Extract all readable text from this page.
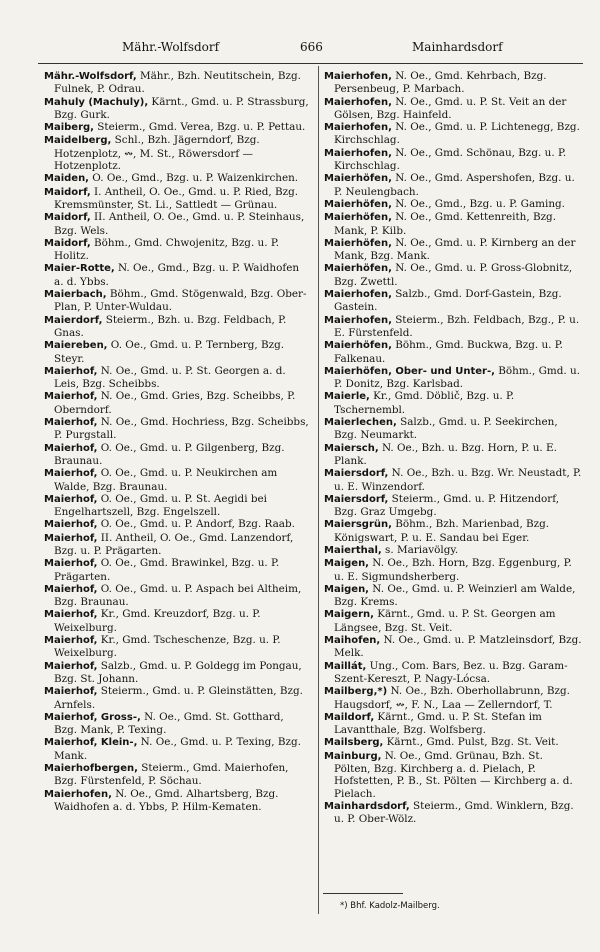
Mähr.-Wolfsdorf	666	Mainhardsdorf

Mähr.-Wolfsdorf, Mähr., Bzh. Neutitschein, Bzg. Fulnek, P. Odrau.

Mahuly (Machuly), Kärnt., Gmd. u. P. Strassburg, Bzg. Gurk.

Maiberg, Steierm., Gmd. Verea, Bzg. u. P. Pettau.

Maidelberg, Schl., Bzh. Jägerndorf, Bzg. Hotzenplotz, ↭, M. St., Röwersdorf — Hotzenplotz.

Maiden, O. Oe., Gmd., Bzg. u. P. Waizenkirchen.

Maidorf, I. Antheil, O. Oe., Gmd. u. P. Ried, Bzg. Kremsmünster, St. Li., Sattledt — Grünau.

Maidorf, II. Antheil, O. Oe., Gmd. u. P. Steinhaus, Bzg. Wels.

Maidorf, Böhm., Gmd. Chwojenitz, Bzg. u. P. Holitz.

Maier-Rotte, N. Oe., Gmd., Bzg. u. P. Waidhofen a. d. Ybbs.

Maierbach, Böhm., Gmd. Stögenwald, Bzg. Ober-Plan, P. Unter-Wuldau.

Maierdorf, Steierm., Bzh. u. Bzg. Feldbach, P. Gnas.

Maiereben, O. Oe., Gmd. u. P. Ternberg, Bzg. Steyr.

Maierhof, N. Oe., Gmd. u. P. St. Georgen a. d. Leis, Bzg. Scheibbs.

Maierhof, N. Oe., Gmd. Gries, Bzg. Scheibbs, P. Oberndorf.

Maierhof, N. Oe., Gmd. Hochriess, Bzg. Scheibbs, P. Purgstall.

Maierhof, O. Oe., Gmd. u. P. Gilgenberg, Bzg. Braunau.

Maierhof, O. Oe., Gmd. u. P. Neukirchen am Walde, Bzg. Braunau.

Maierhof, O. Oe., Gmd. u. P. St. Aegidi bei Engelhartszell, Bzg. Engelszell.

Maierhof, O. Oe., Gmd. u. P. Andorf, Bzg. Raab.

Maierhof, II. Antheil, O. Oe., Gmd. Lanzendorf, Bzg. u. P. Prägarten.

Maierhof, O. Oe., Gmd. Brawinkel, Bzg. u. P. Prägarten.

Maierhof, O. Oe., Gmd. u. P. Aspach bei Altheim, Bzg. Braunau.

Maierhof, Kr., Gmd. Kreuzdorf, Bzg. u. P. Weixelburg.

Maierhof, Kr., Gmd. Tscheschenze, Bzg. u. P. Weixelburg.

Maierhof, Salzb., Gmd. u. P. Goldegg im Pongau, Bzg. St. Johann.

Maierhof, Steierm., Gmd. u. P. Gleinstätten, Bzg. Arnfels.

Maierhof, Gross-, N. Oe., Gmd. St. Gotthard, Bzg. Mank, P. Texing.

Maierhof, Klein-, N. Oe., Gmd. u. P. Texing, Bzg. Mank.

Maierhofbergen, Steierm., Gmd. Maierhofen, Bzg. Fürstenfeld, P. Söchau.

Maierhofen, N. Oe., Gmd. Alhartsberg, Bzg. Waidhofen a. d. Ybbs, P. Hilm-Kematen.

Maierhofen, N. Oe., Gmd. Kehrbach, Bzg. Persenbeug, P. Marbach.

Maierhofen, N. Oe., Gmd. u. P. St. Veit an der Gölsen, Bzg. Hainfeld.

Maierhofen, N. Oe., Gmd. u. P. Lichtenegg, Bzg. Kirchschlag.

Maierhofen, N. Oe., Gmd. Schönau, Bzg. u. P. Kirchschlag.

Maierhöfen, N. Oe., Gmd. Aspershofen, Bzg. u. P. Neulengbach.

Maierhöfen, N. Oe., Gmd., Bzg. u. P. Gaming.

Maierhöfen, N. Oe., Gmd. Kettenreith, Bzg. Mank, P. Kilb.

Maierhöfen, N. Oe., Gmd. u. P. Kirnberg an der Mank, Bzg. Mank.

Maierhöfen, N. Oe., Gmd. u. P. Gross-Globnitz, Bzg. Zwettl.

Maierhofen, Salzb., Gmd. Dorf-Gastein, Bzg. Gastein.

Maierhofen, Steierm., Bzh. Feldbach, Bzg., P. u. E. Fürstenfeld.

Maierhöfen, Böhm., Gmd. Buckwa, Bzg. u. P. Falkenau.

Maierhöfen, Ober- und Unter-, Böhm., Gmd. u. P. Donitz, Bzg. Karlsbad.

Maierle, Kr., Gmd. Döblič, Bzg. u. P. Tschernembl.

Maierlechen, Salzb., Gmd. u. P. Seekirchen, Bzg. Neumarkt.

Maiersch, N. Oe., Bzh. u. Bzg. Horn, P. u. E. Plank.

Maiersdorf, N. Oe., Bzh. u. Bzg. Wr. Neustadt, P. u. E. Winzendorf.

Maiersdorf, Steierm., Gmd. u. P. Hitzendorf, Bzg. Graz Umgebg.

Maiersgrün, Böhm., Bzh. Marienbad, Bzg. Königswart, P. u. E. Sandau bei Eger.

Maierthal, s. Mariavölgy.

Maigen, N. Oe., Bzh. Horn, Bzg. Eggenburg, P. u. E. Sigmundsherberg.

Maigen, N. Oe., Gmd. u. P. Weinzierl am Walde, Bzg. Krems.

Maigern, Kärnt., Gmd. u. P. St. Georgen am Längsee, Bzg. St. Veit.

Maihofen, N. Oe., Gmd. u. P. Matzleinsdorf, Bzg. Melk.

Maillát, Ung., Com. Bars, Bez. u. Bzg. Garam-Szent-Kereszt, P. Nagy-Lócsa.

Mailberg,*) N. Oe., Bzh. Oberhollabrunn, Bzg. Haugsdorf, ↭, F. N., Laa — Zellerndorf, T.

Maildorf, Kärnt., Gmd. u. P. St. Stefan im Lavantthale, Bzg. Wolfsberg.

Mailsberg, Kärnt., Gmd. Pulst, Bzg. St. Veit.

Mainburg, N. Oe., Gmd. Grünau, Bzh. St. Pölten, Bzg. Kirchberg a. d. Pielach, P. Hofstetten, P. B., St. Pölten — Kirchberg a. d. Pielach.

Mainhardsdorf, Steierm., Gmd. Winklern, Bzg. u. P. Ober-Wölz.

*) Bhf. Kadolz-Mailberg.
